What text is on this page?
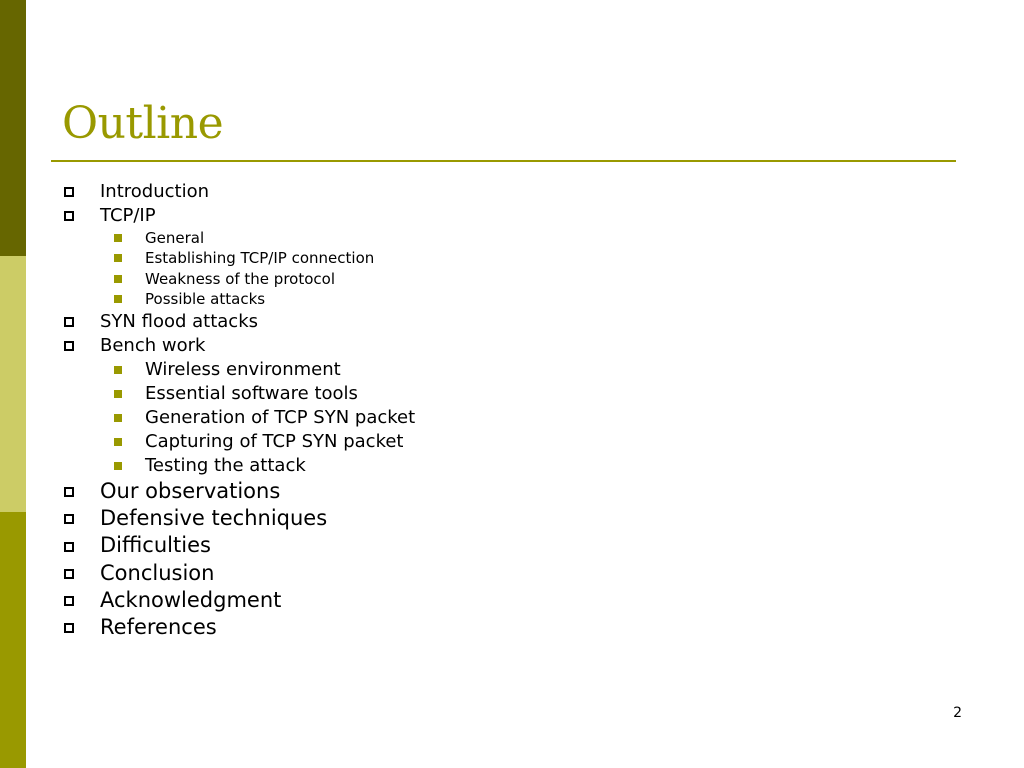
Outline
Introduction
TCP/IP
General
Establishing TCP/IP connection
Weakness of the protocol
Possible attacks
SYN flood attacks
Bench work
Wireless environment
Essential software tools
Generation of TCP SYN packet
Capturing of TCP SYN packet
Testing the attack
Our observations
Defensive techniques
Difficulties
Conclusion
Acknowledgment
References
2
